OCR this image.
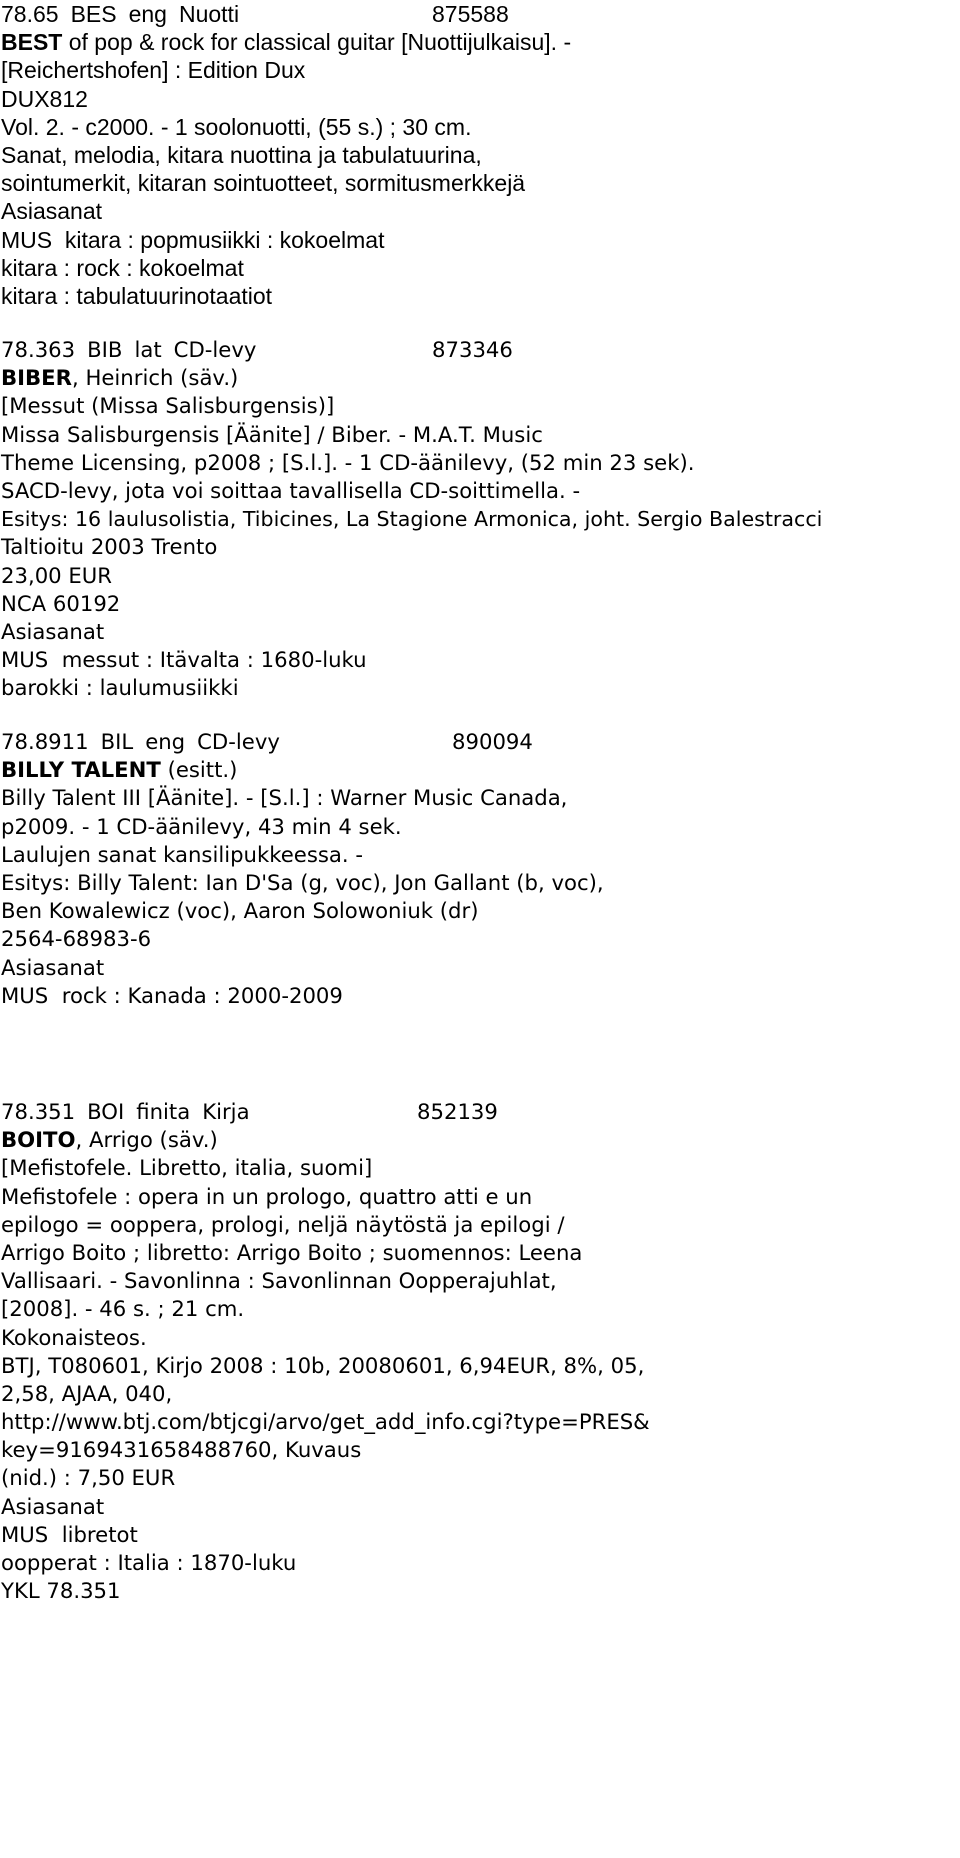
78.65 BES eng Nuotti	875588
BEST of pop & rock for classical guitar [Nuottijulkaisu]. -
[Reichertshofen] : Edition Dux
DUX812
Vol. 2. - c2000. - 1 soolonuotti, (55 s.) ; 30 cm.
Sanat, melodia, kitara nuottina ja tabulatuurina,
sointumerkit, kitaran sointuotteet, sormitusmerkkejä
Asiasanat
MUS  kitara : popmusiikki : kokoelmat
kitara : rock : kokoelmat
kitara : tabulatuurinotaatiot
78.363 BIB lat CD-levy	873346
BIBER, Heinrich (säv.)
[Messut (Missa Salisburgensis)]
Missa Salisburgensis [Äänite] / Biber. - M.A.T. Music
Theme Licensing, p2008 ; [S.l.]. - 1 CD-äänilevy, (52 min 23 sek).
SACD-levy, jota voi soittaa tavallisella CD-soittimella. -
Esitys: 16 laulusolistia, Tibicines, La Stagione Armonica, joht. Sergio Balestracci
Taltioitu 2003 Trento
23,00 EUR
NCA 60192
Asiasanat
MUS  messut : Itävalta : 1680-luku
barokki : laulumusiikki
78.8911 BIL eng CD-levy	890094
BILLY TALENT (esitt.)
Billy Talent III [Äänite]. - [S.l.] : Warner Music Canada,
p2009. - 1 CD-äänilevy, 43 min 4 sek.
Laulujen sanat kansilipukkeessa. -
Esitys: Billy Talent: Ian D'Sa (g, voc), Jon Gallant (b, voc),
Ben Kowalewicz (voc), Aaron Solowoniuk (dr)
2564-68983-6
Asiasanat
MUS  rock : Kanada : 2000-2009
78.351 BOI finita Kirja	852139
BOITO, Arrigo (säv.)
[Mefistofele. Libretto, italia, suomi]
Mefistofele : opera in un prologo, quattro atti e un
epilogo = ooppera, prologi, neljä näytöstä ja epilogi /
Arrigo Boito ; libretto: Arrigo Boito ; suomennos: Leena
Vallisaari. - Savonlinna : Savonlinnan Oopperajuhlat,
[2008]. - 46 s. ; 21 cm.
Kokonaisteos.
BTJ, T080601, Kirjo 2008 : 10b, 20080601, 6,94EUR, 8%, 05,
2,58, AJAA, 040,
http://www.btj.com/btjcgi/arvo/get_add_info.cgi?type=PRES&
key=9169431658488760, Kuvaus
(nid.) : 7,50 EUR
Asiasanat
MUS  libretot
oopperat : Italia : 1870-luku
YKL 78.351
